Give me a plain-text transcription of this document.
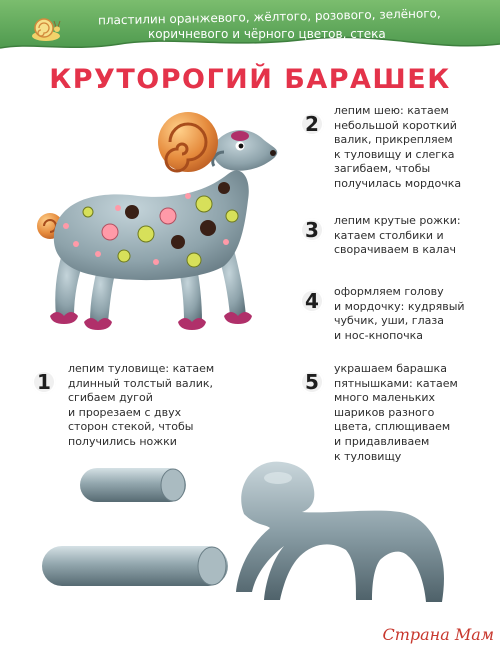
пластилин оранжевого, жёлтого, розового, зелёного,
коричневого и чёрного цветов, стека
КРУТОРОГИЙ БАРАШЕК
1
лепим туловище: катаем
длинный толстый валик,
сгибаем дугой
и прорезаем с двух
сторон стекой, чтобы
получились ножки
2
лепим шею: катаем
небольшой короткий
валик, прикрепляем
к туловищу и слегка
загибаем, чтобы
получилась мордочка
3	лепим крутые рожки:
катаем столбики и
сворачиваем в калач
4	оформляем голову
и мордочку: кудрявый
чубчик, уши, глаза
и нос-кнопочка
5
украшаем барашка
пятнышками: катаем
много маленьких
шариков разного
цвета, сплющиваем
и придавливаем
к туловищу
Страна Мам
